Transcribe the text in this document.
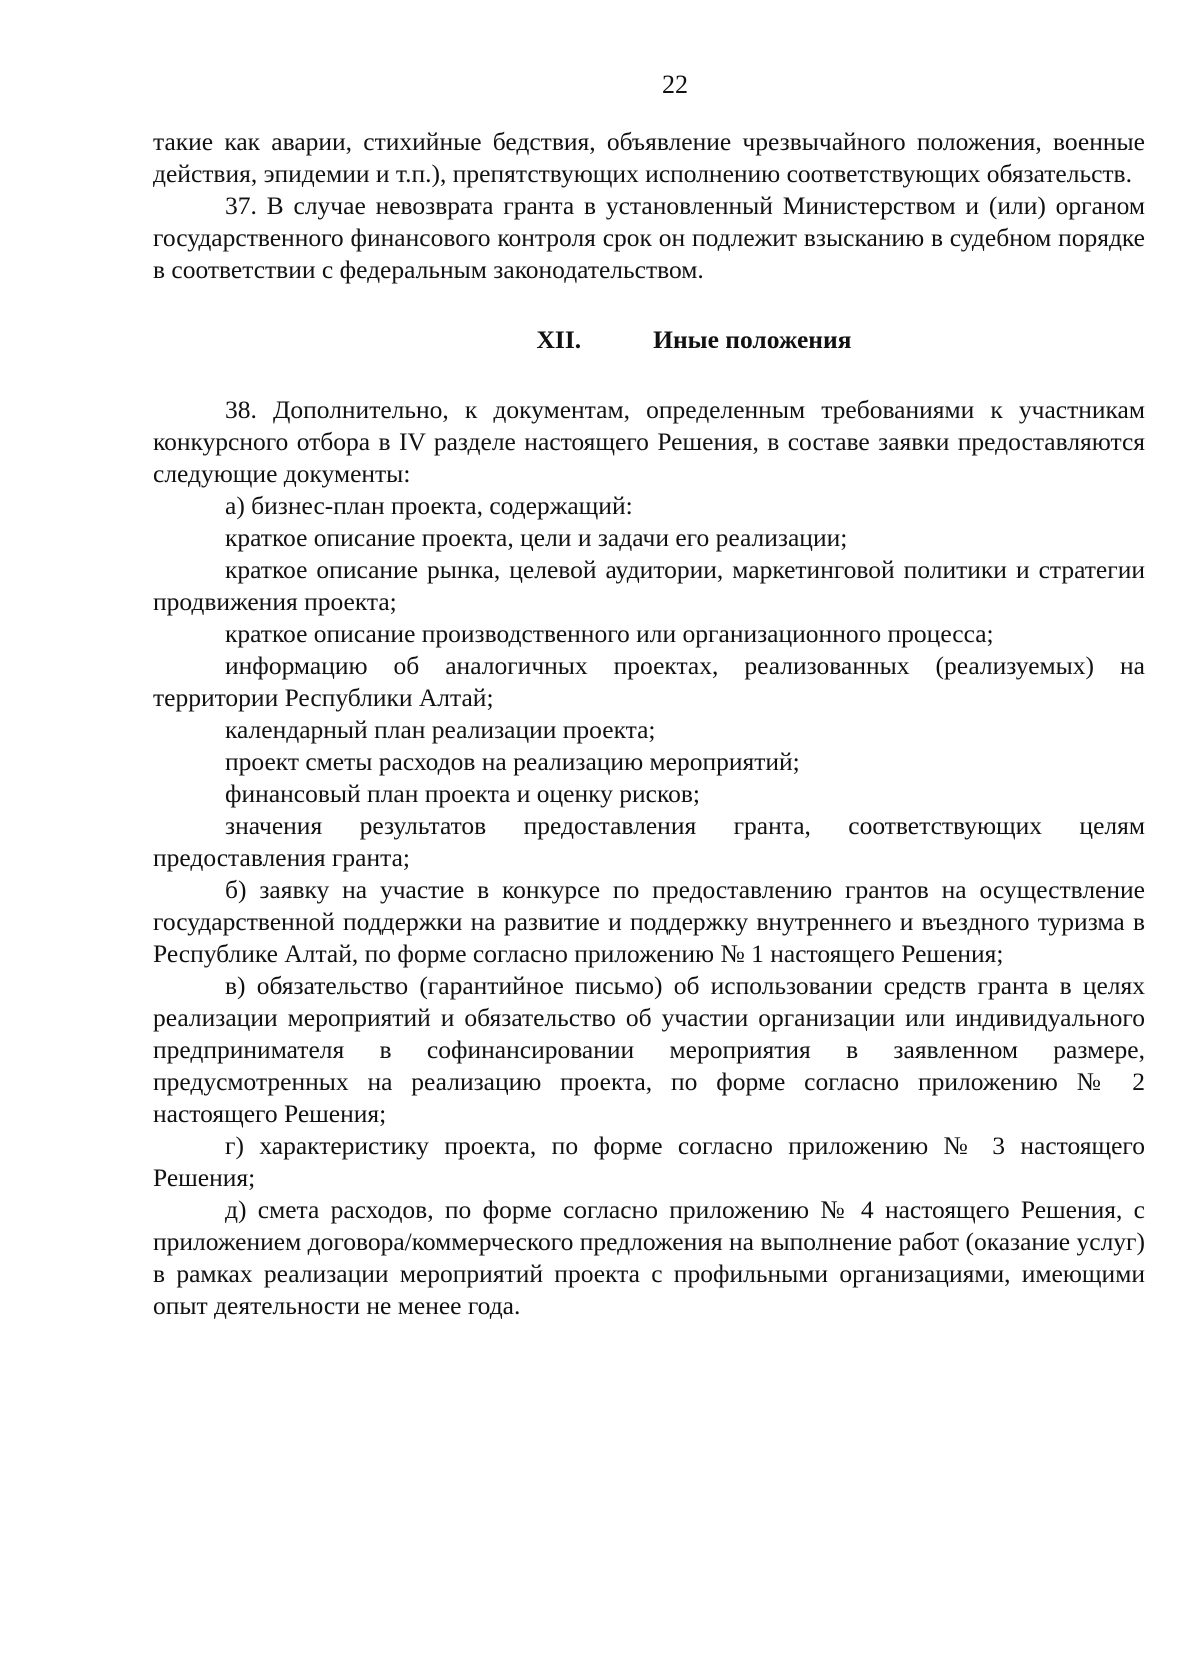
22

такие как аварии, стихийные бедствия, объявление чрезвычайного положения, военные действия, эпидемии и т.п.), препятствующих исполнению соответствующих обязательств.

37. В случае невозврата гранта в установленный Министерством и (или) органом государственного финансового контроля срок он подлежит взысканию в судебном порядке в соответствии с федеральным законодательством.

XII.	Иные положения

38. Дополнительно, к документам, определенным требованиями к участникам конкурсного отбора в IV разделе настоящего Решения, в составе заявки предоставляются следующие документы:

а) бизнес-план проекта, содержащий:

краткое описание проекта, цели и задачи его реализации;

краткое описание рынка, целевой аудитории, маркетинговой политики и стратегии продвижения проекта;

краткое описание производственного или организационного процесса;

информацию об аналогичных проектах, реализованных (реализуемых) на территории Республики Алтай;

календарный план реализации проекта;

проект сметы расходов на реализацию мероприятий;

финансовый план проекта и оценку рисков;

значения результатов предоставления гранта, соответствующих целям предоставления гранта;

б) заявку на участие в конкурсе по предоставлению грантов на осуществление государственной поддержки на развитие и поддержку внутреннего и въездного туризма в Республике Алтай, по форме согласно приложению № 1 настоящего Решения;

в) обязательство (гарантийное письмо) об использовании средств гранта в целях реализации мероприятий и обязательство об участии организации или индивидуального предпринимателя в софинансировании мероприятия в заявленном размере, предусмотренных на реализацию проекта, по форме согласно приложению № 2 настоящего Решения;

г) характеристику проекта, по форме согласно приложению № 3 настоящего Решения;

д) смета расходов, по форме согласно приложению № 4 настоящего Решения, с приложением договора/коммерческого предложения на выполнение работ (оказание услуг) в рамках реализации мероприятий проекта с профильными организациями, имеющими опыт деятельности не менее года.
